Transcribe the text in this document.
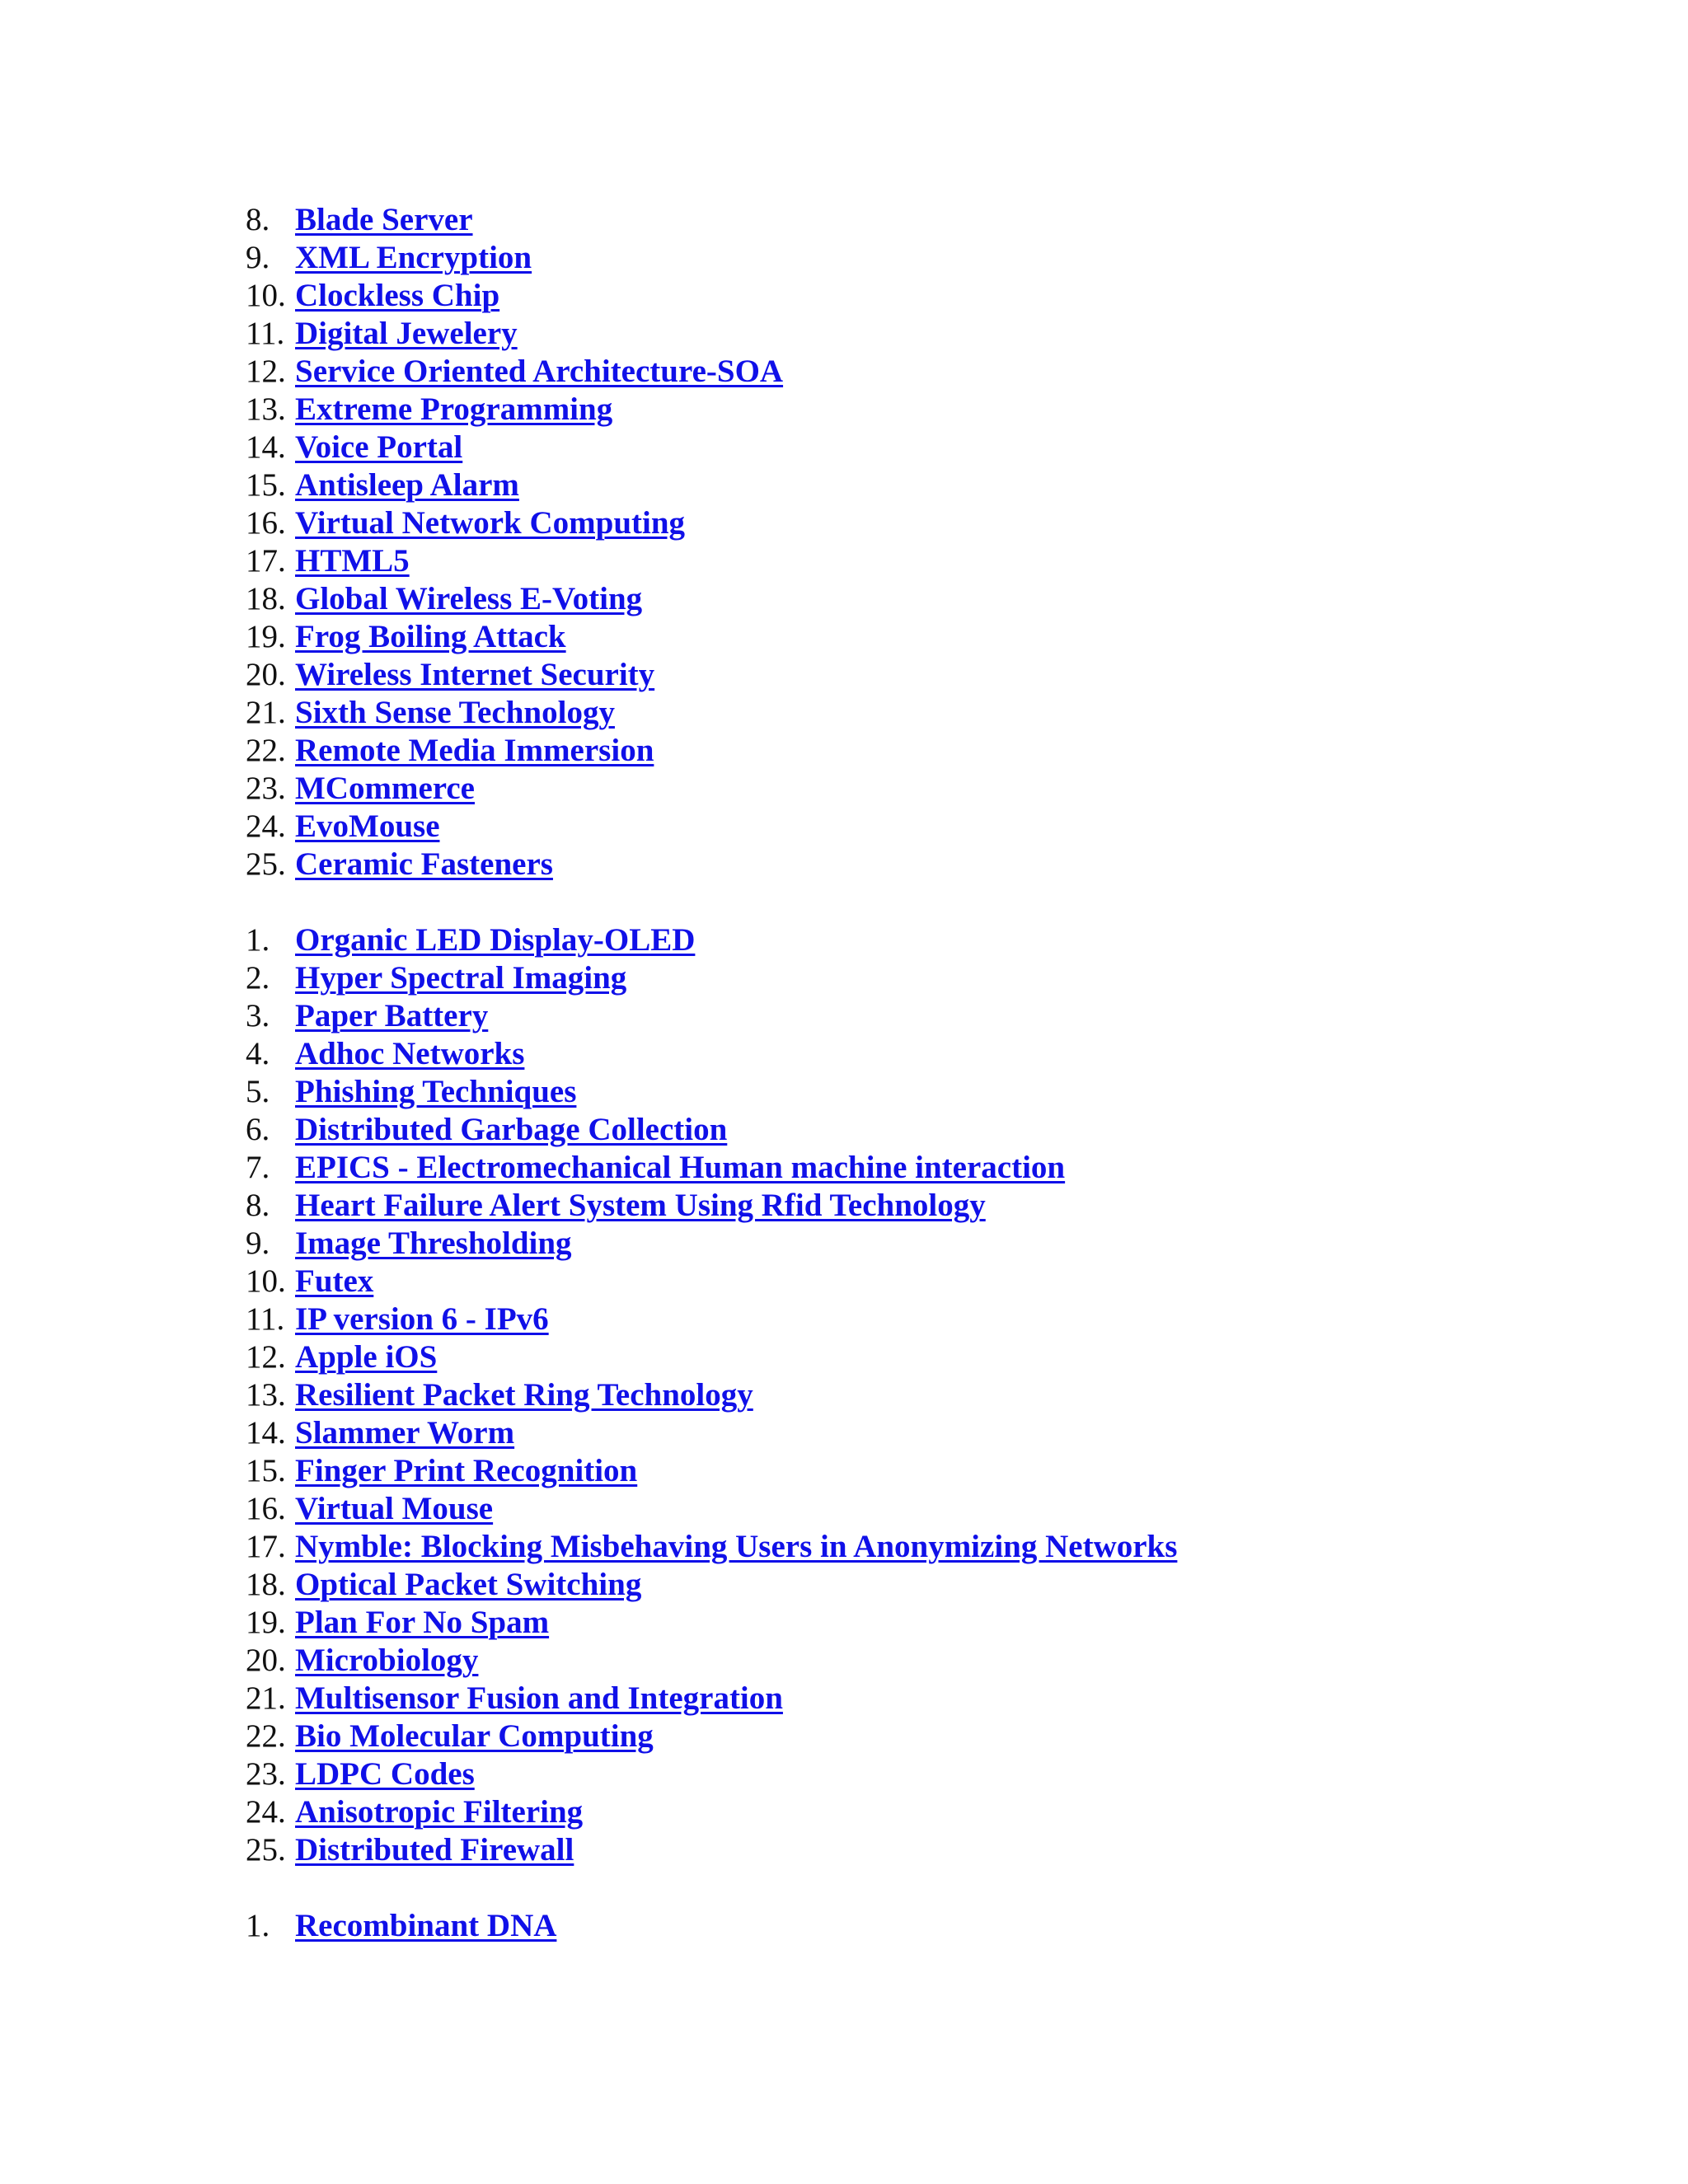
8. Blade Server
9. XML Encryption
10. Clockless Chip
11. Digital Jewelery
12. Service Oriented Architecture-SOA
13. Extreme Programming
14. Voice Portal
15. Antisleep Alarm
16. Virtual Network Computing
17. HTML5
18. Global Wireless E-Voting
19. Frog Boiling Attack
20. Wireless Internet Security
21. Sixth Sense Technology
22. Remote Media Immersion
23. MCommerce
24. EvoMouse
25. Ceramic Fasteners
1. Organic LED Display-OLED
2. Hyper Spectral Imaging
3. Paper Battery
4. Adhoc Networks
5. Phishing Techniques
6. Distributed Garbage Collection
7. EPICS - Electromechanical Human machine interaction
8. Heart Failure Alert System Using Rfid Technology
9. Image Thresholding
10. Futex
11. IP version 6 - IPv6
12. Apple iOS
13. Resilient Packet Ring Technology
14. Slammer Worm
15. Finger Print Recognition
16. Virtual Mouse
17. Nymble: Blocking Misbehaving Users in Anonymizing Networks
18. Optical Packet Switching
19. Plan For No Spam
20. Microbiology
21. Multisensor Fusion and Integration
22. Bio Molecular Computing
23. LDPC Codes
24. Anisotropic Filtering
25. Distributed Firewall
1. Recombinant DNA
